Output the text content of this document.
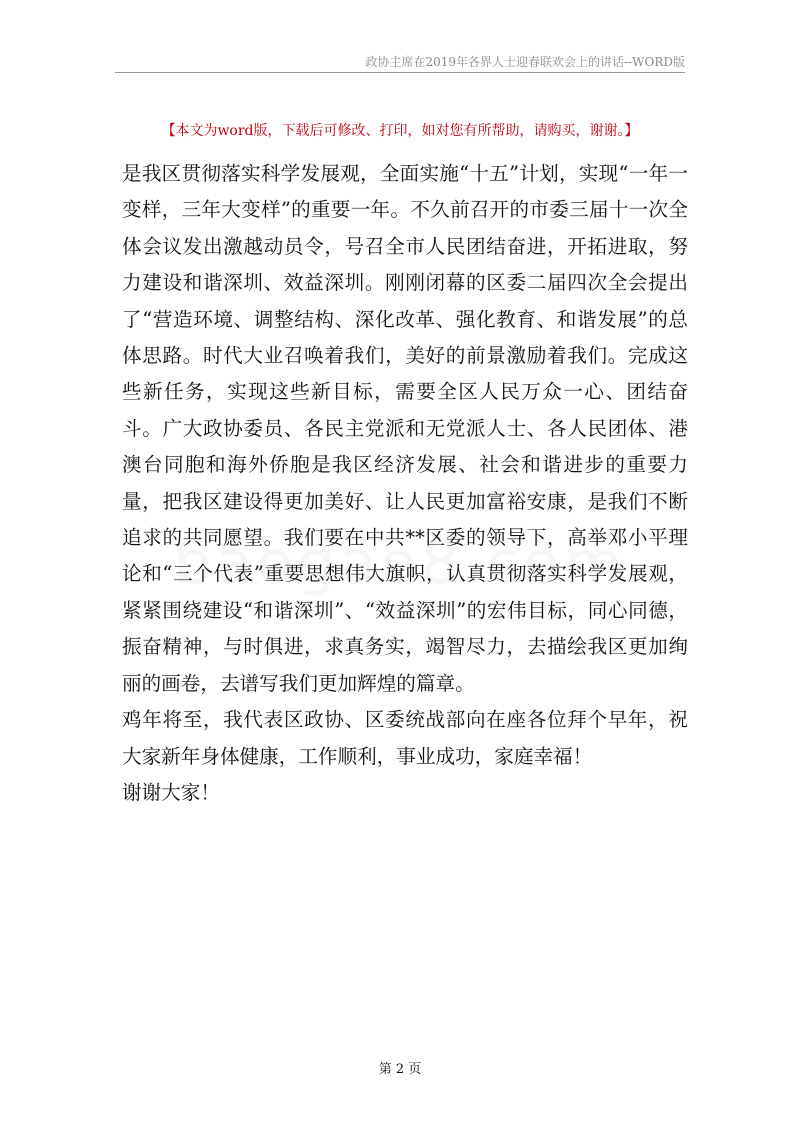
政协主席在2019年各界人士迎春联欢会上的讲话--WORD版
【本文为word版，下载后可修改、打印，如对您有所帮助，请购买，谢谢。】

是我区贯彻落实科学发展观，全面实施“十五”计划，实现“一年一变样，三年大变样”的重要一年。不久前召开的市委三届十一次全体会议发出激越动员令，号召全市人民团结奋进，开拓进取，努力建设和谐深圳、效益深圳。刚刚闭幕的区委二届四次全会提出了“营造环境、调整结构、深化改革、强化教育、和谐发展”的总体思路。时代大业召唤着我们，美好的前景激励着我们。完成这些新任务，实现这些新目标，需要全区人民万众一心、团结奋斗。广大政协委员、各民主党派和无党派人士、各人民团体、港澳台同胞和海外侨胞是我区经济发展、社会和谐进步的重要力量，把我区建设得更加美好、让人民更加富裕安康，是我们不断追求的共同愿望。我们要在中共**区委的领导下，高举邓小平理论和“三个代表”重要思想伟大旗帜，认真贯彻落实科学发展观，紧紧围绕建设“和谐深圳”、“效益深圳”的宏伟目标，同心同德，振奋精神，与时俱进，求真务实，竭智尽力，去描绘我区更加绚丽的画卷，去谱写我们更加辉煌的篇章。

鸡年将至，我代表区政协、区委统战部向在座各位拜个早年，祝大家新年身体健康，工作顺利，事业成功，家庭幸福！

谢谢大家！

第 2 页
